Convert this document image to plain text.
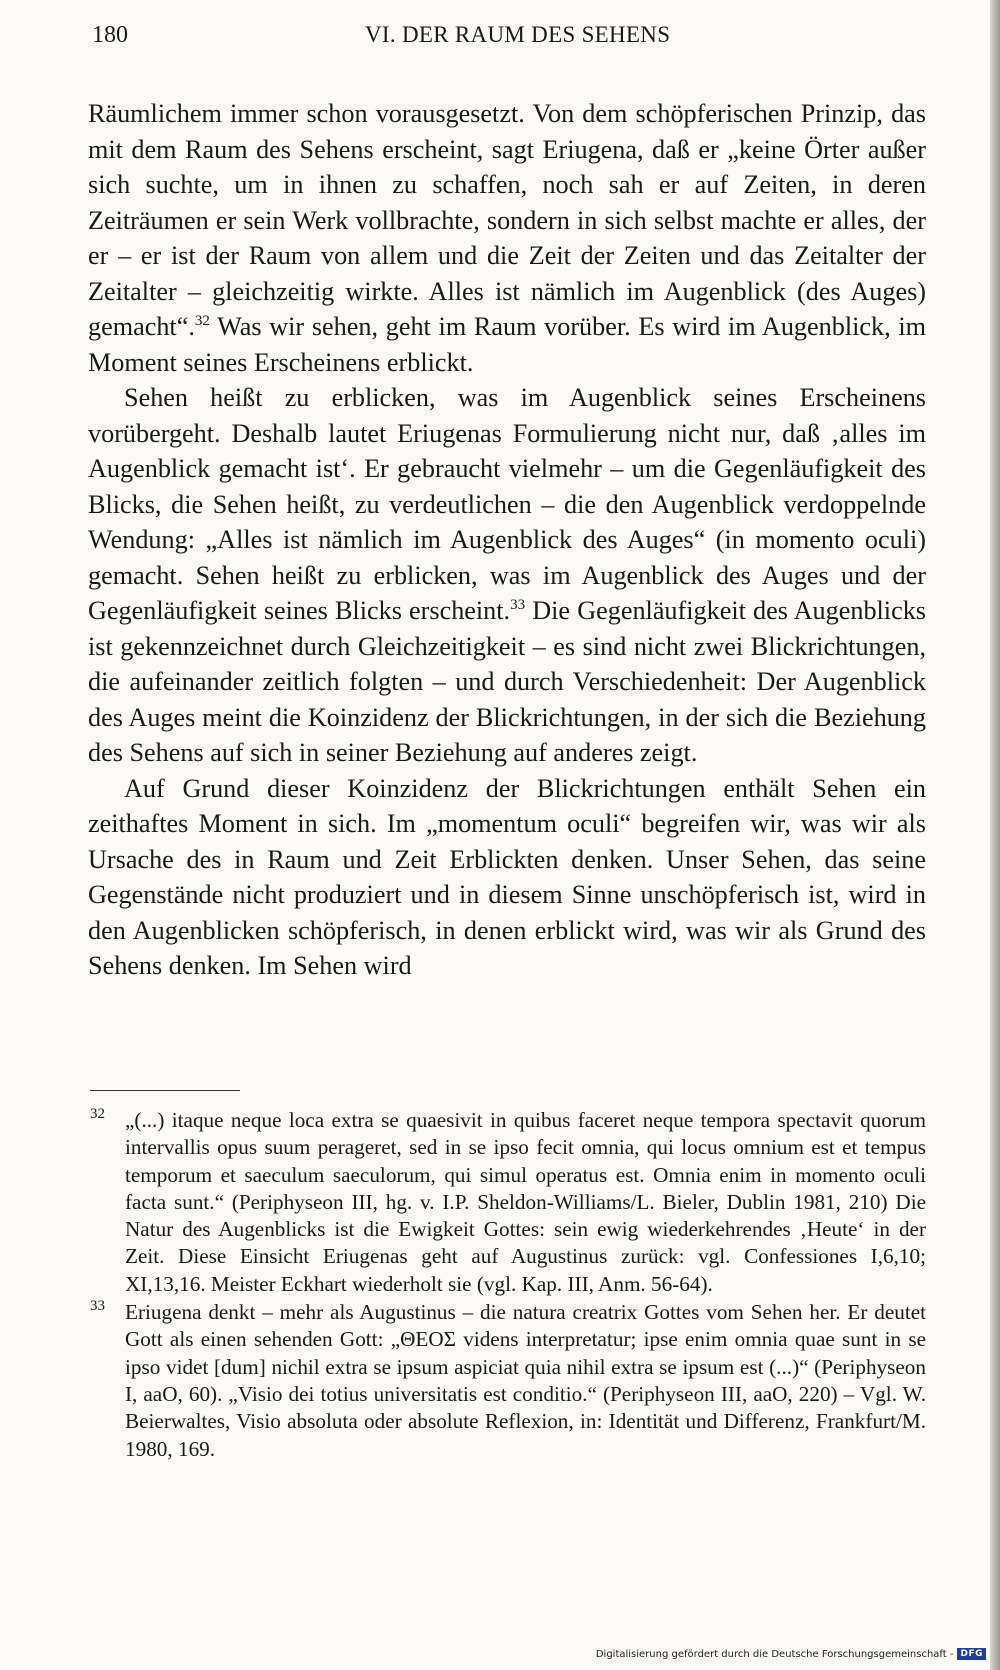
180	VI. DER RAUM DES SEHENS

Räumlichem immer schon vorausgesetzt. Von dem schöpferischen Prinzip, das mit dem Raum des Sehens erscheint, sagt Eriugena, daß er „keine Örter außer sich suchte, um in ihnen zu schaffen, noch sah er auf Zeiten, in deren Zeiträumen er sein Werk vollbrachte, sondern in sich selbst machte er alles, der er – er ist der Raum von allem und die Zeit der Zeiten und das Zeitalter der Zeitalter – gleichzeitig wirkte. Alles ist nämlich im Augenblick (des Auges) gemacht“.$^{32}$ Was wir sehen, geht im Raum vorüber. Es wird im Augenblick, im Moment seines Erscheinens erblickt.

Sehen heißt zu erblicken, was im Augenblick seines Erscheinens vorübergeht. Deshalb lautet Eriugenas Formulierung nicht nur, daß ‚alles im Augenblick gemacht ist‘. Er gebraucht vielmehr – um die Gegenläufigkeit des Blicks, die Sehen heißt, zu verdeutlichen – die den Augenblick verdoppelnde Wendung: „Alles ist nämlich im Augenblick des Auges“ (in momento oculi) gemacht. Sehen heißt zu erblicken, was im Augenblick des Auges und der Gegenläufigkeit seines Blicks erscheint.$^{33}$ Die Gegenläufigkeit des Augenblicks ist gekennzeichnet durch Gleichzeitigkeit – es sind nicht zwei Blickrichtungen, die aufeinander zeitlich folgten – und durch Verschiedenheit: Der Augenblick des Auges meint die Koinzidenz der Blickrichtungen, in der sich die Beziehung des Sehens auf sich in seiner Beziehung auf anderes zeigt.

Auf Grund dieser Koinzidenz der Blickrichtungen enthält Sehen ein zeithaftes Moment in sich. Im „momentum oculi“ begreifen wir, was wir als Ursache des in Raum und Zeit Erblickten denken. Unser Sehen, das seine Gegenstände nicht produziert und in diesem Sinne unschöpferisch ist, wird in den Augenblicken schöpferisch, in denen erblickt wird, was wir als Grund des Sehens denken. Im Sehen wird

32 „(...) itaque neque loca extra se quaesivit in quibus faceret neque tempora spectavit quorum intervallis opus suum perageret, sed in se ipso fecit omnia, qui locus omnium est et tempus temporum et saeculum saeculorum, qui simul operatus est. Omnia enim in momento oculi facta sunt.“ (Periphyseon III, hg. v. I.P. Sheldon-Williams/L. Bieler, Dublin 1981, 210) Die Natur des Augenblicks ist die Ewigkeit Gottes: sein ewig wiederkehrendes ‚Heute‘ in der Zeit. Diese Einsicht Eriugenas geht auf Augustinus zurück: vgl. Confessiones I,6,10; XI,13,16. Meister Eckhart wiederholt sie (vgl. Kap. III, Anm. 56-64).
33 Eriugena denkt – mehr als Augustinus – die natura creatrix Gottes vom Sehen her. Er deutet Gott als einen sehenden Gott: „ΘΕΟΣ videns interpretatur; ipse enim omnia quae sunt in se ipso videt [dum] nichil extra se ipsum aspiciat quia nihil extra se ipsum est (...)“ (Periphyseon I, aaO, 60). „Visio dei totius universitatis est conditio.“ (Periphyseon III, aaO, 220) – Vgl. W. Beierwaltes, Visio absoluta oder absolute Reflexion, in: Identität und Differenz, Frankfurt/M. 1980, 169.
Digitalisierung gefördert durch die Deutsche Forschungsgemeinschaft - DFG
